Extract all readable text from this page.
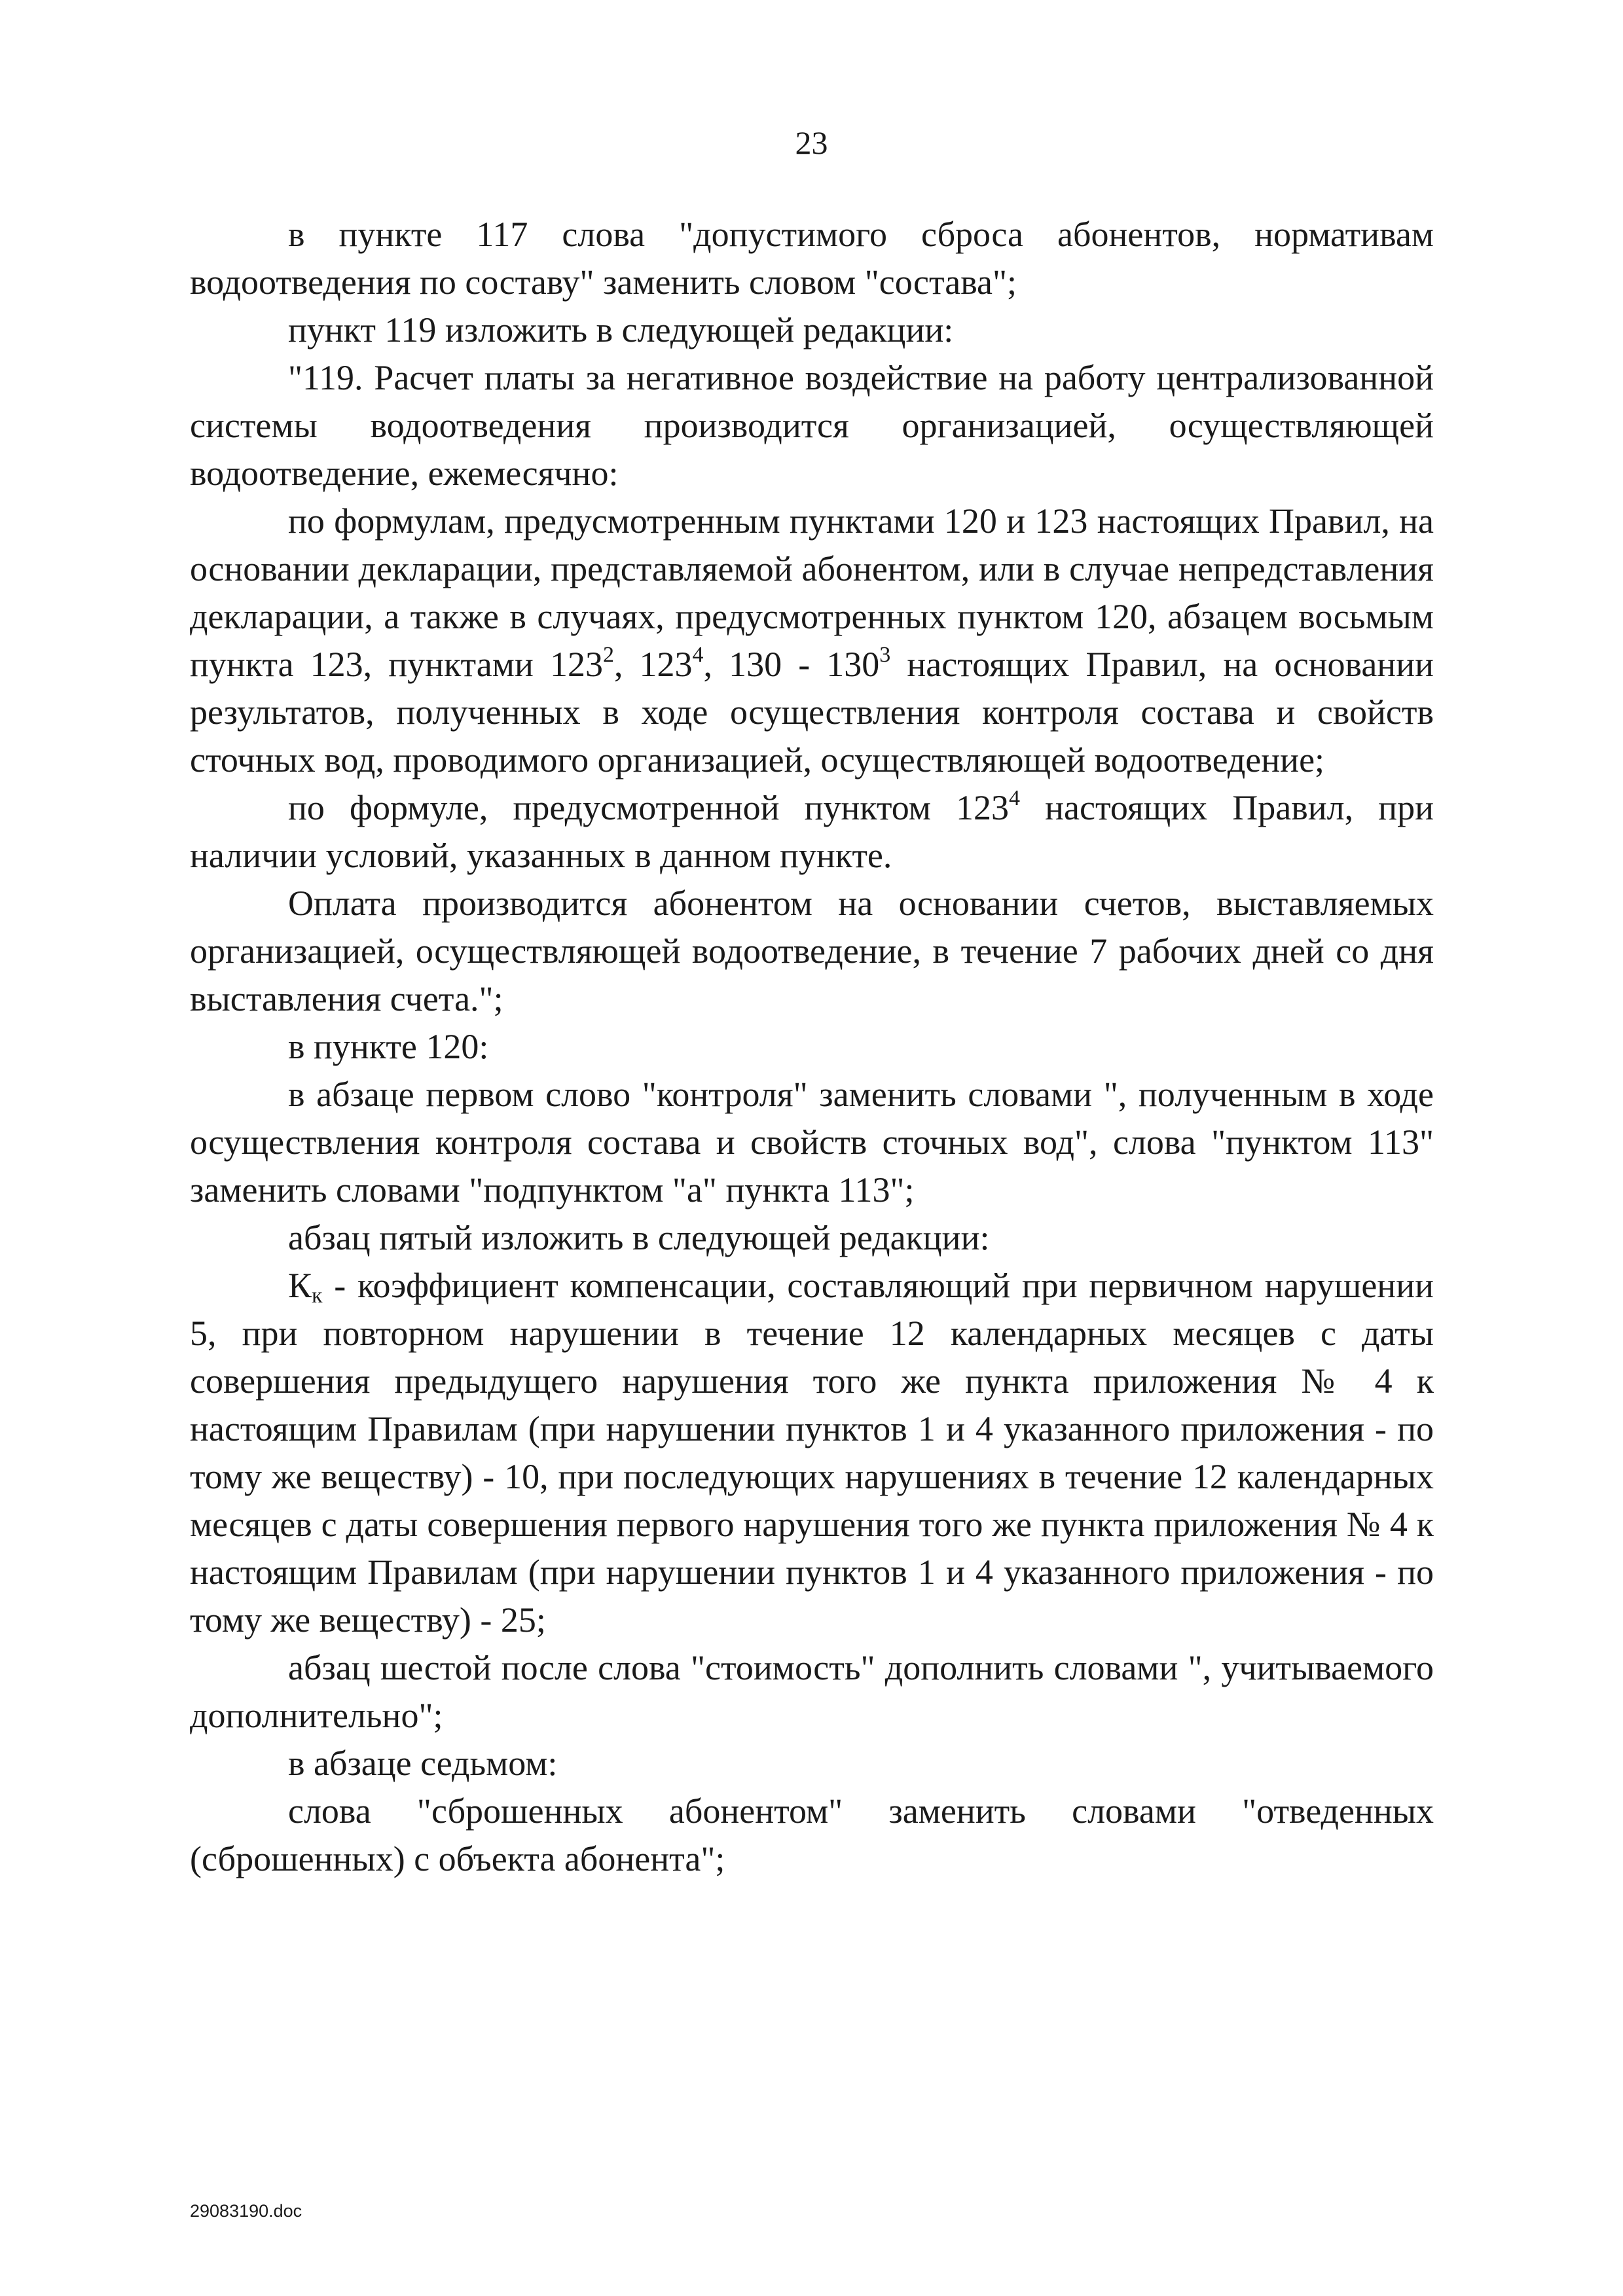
23

в пункте 117 слова "допустимого сброса абонентов, нормативам водоотведения по составу" заменить словом "состава";

пункт 119 изложить в следующей редакции:

"119. Расчет платы за негативное воздействие на работу централизованной системы водоотведения производится организацией, осуществляющей водоотведение, ежемесячно:

по формулам, предусмотренным пунктами 120 и 123 настоящих Правил, на основании декларации, представляемой абонентом, или в случае непредставления декларации, а также в случаях, предусмотренных пунктом 120, абзацем восьмым пункта 123, пунктами $123^2$, $123^4$, $130 - 130^3$ настоящих Правил, на основании результатов, полученных в ходе осуществления контроля состава и свойств сточных вод, проводимого организацией, осуществляющей водоотведение;

по формуле, предусмотренной пунктом $123^4$ настоящих Правил, при наличии условий, указанных в данном пункте.

Оплата производится абонентом на основании счетов, выставляемых организацией, осуществляющей водоотведение, в течение 7 рабочих дней со дня выставления счета.";

в пункте 120:

в абзаце первом слово "контроля" заменить словами ", полученным в ходе осуществления контроля состава и свойств сточных вод", слова "пунктом 113" заменить словами "подпунктом "а" пункта 113";

абзац пятый изложить в следующей редакции:

$К_к$ - коэффициент компенсации, составляющий при первичном нарушении 5, при повторном нарушении в течение 12 календарных месяцев с даты совершения предыдущего нарушения того же пункта приложения № 4 к настоящим Правилам (при нарушении пунктов 1 и 4 указанного приложения - по тому же веществу) - 10, при последующих нарушениях в течение 12 календарных месяцев с даты совершения первого нарушения того же пункта приложения № 4 к настоящим Правилам (при нарушении пунктов 1 и 4 указанного приложения - по тому же веществу) - 25;

абзац шестой после слова "стоимость" дополнить словами ", учитываемого дополнительно";

в абзаце седьмом:

слова "сброшенных абонентом" заменить словами "отведенных (сброшенных) с объекта абонента";

29083190.doc
